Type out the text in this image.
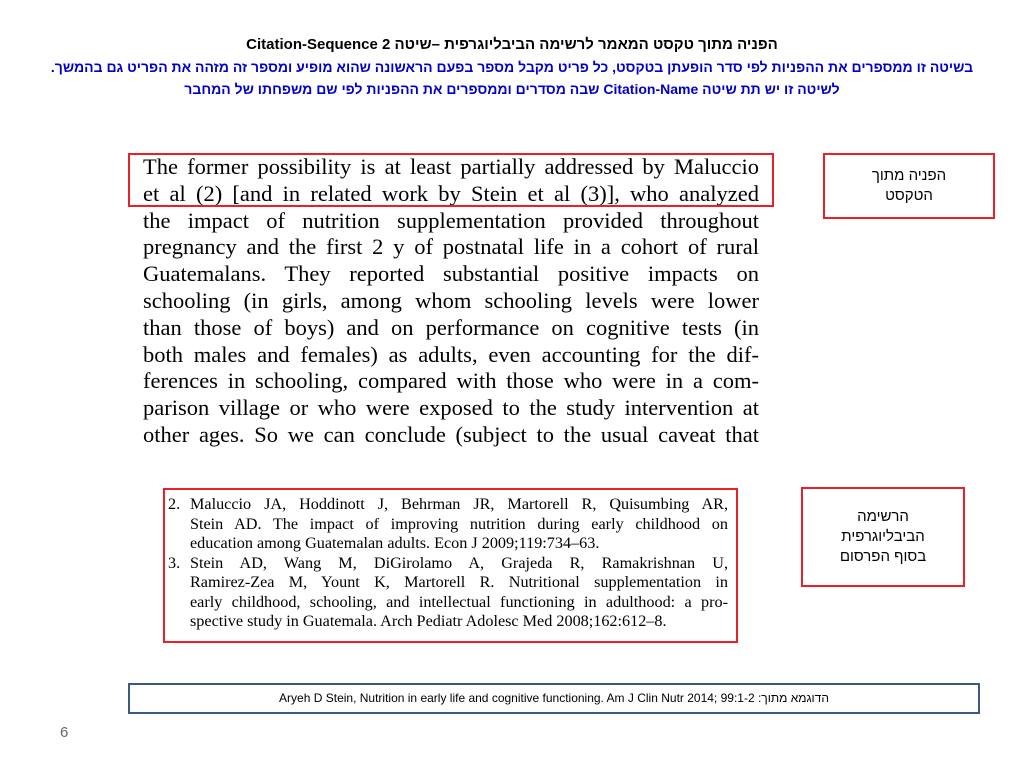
הפניה מתוך טקסט המאמר לרשימה הביבליוגרפית –שיטה 2 Citation-Sequence
בשיטה זו ממספרים את ההפניות לפי סדר הופעתן בטקסט, כל פריט מקבל מספר בפעם הראשונה שהוא מופיע ומספר זה מזהה את הפריט גם בהמשך.
לשיטה זו יש תת שיטה Citation-Name שבה מסדרים וממספרים את ההפניות לפי שם משפחתו של המחבר
The former possibility is at least partially addressed by Maluccio
et al (2) [and in related work by Stein et al (3)], who analyzed
the impact of nutrition supplementation provided throughout
pregnancy and the first 2 y of postnatal life in a cohort of rural
Guatemalans. They reported substantial positive impacts on
schooling (in girls, among whom schooling levels were lower
than those of boys) and on performance on cognitive tests (in
both males and females) as adults, even accounting for the dif-
ferences in schooling, compared with those who were in a com-
parison village or who were exposed to the study intervention at
other ages. So we can conclude (subject to the usual caveat that
הפניה מתוך
הטקסט
2. Maluccio JA, Hoddinott J, Behrman JR, Martorell R, Quisumbing AR,
Stein AD. The impact of improving nutrition during early childhood on
education among Guatemalan adults. Econ J 2009;119:734–63.
3. Stein AD, Wang M, DiGirolamo A, Grajeda R, Ramakrishnan U,
Ramirez-Zea M, Yount K, Martorell R. Nutritional supplementation in
early childhood, schooling, and intellectual functioning in adulthood: a pro-
spective study in Guatemala. Arch Pediatr Adolesc Med 2008;162:612–8.
הרשימה
הביבליוגרפית
בסוף הפרסום
Aryeh D Stein, Nutrition in early life and cognitive functioning. Am J Clin Nutr 2014; 99:1-2 הדוגמא מתוך:
6
